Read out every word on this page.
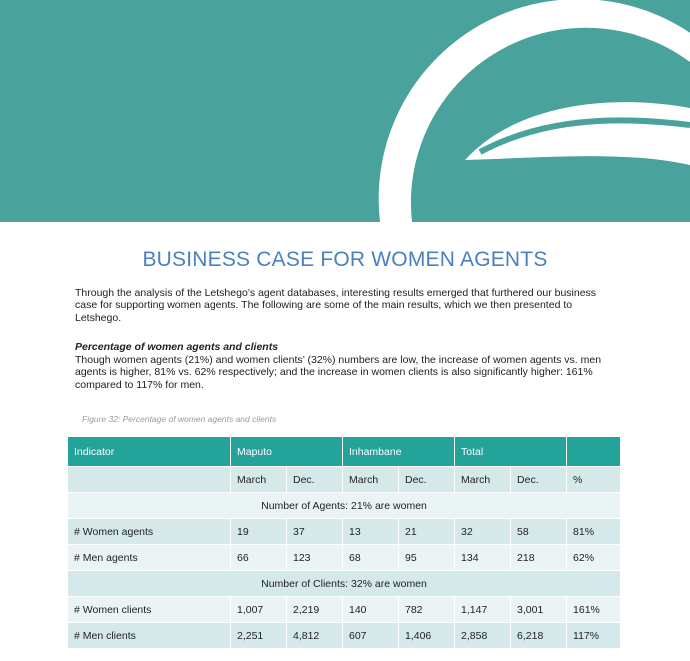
BUSINESS CASE FOR WOMEN AGENTS
Through the analysis of the Letshego’s agent databases, interesting results emerged that furthered our business case for supporting women agents. The following are some of the main results, which we then presented to Letshego.
Percentage of women agents and clients
Though women agents (21%) and women clients’ (32%) numbers are low, the increase of women agents vs. men agents is higher, 81% vs. 62% respectively; and the increase in women clients is also significantly higher: 161% compared to 117% for men.
Figure 32: Percentage of women agents and clients
Indicator	Maputo		Inhambane		Total		
	March	Dec.	March	Dec.	March	Dec.	%
Number of Agents: 21% are women							
# Women agents	19	37	13	21	32	58	81%
# Men agents	66	123	68	95	134	218	62%
Number of Clients: 32% are women							
# Women clients	1,007	2,219	140	782	1,147	3,001	161%
# Men clients	2,251	4,812	607	1,406	2,858	6,218	117%
